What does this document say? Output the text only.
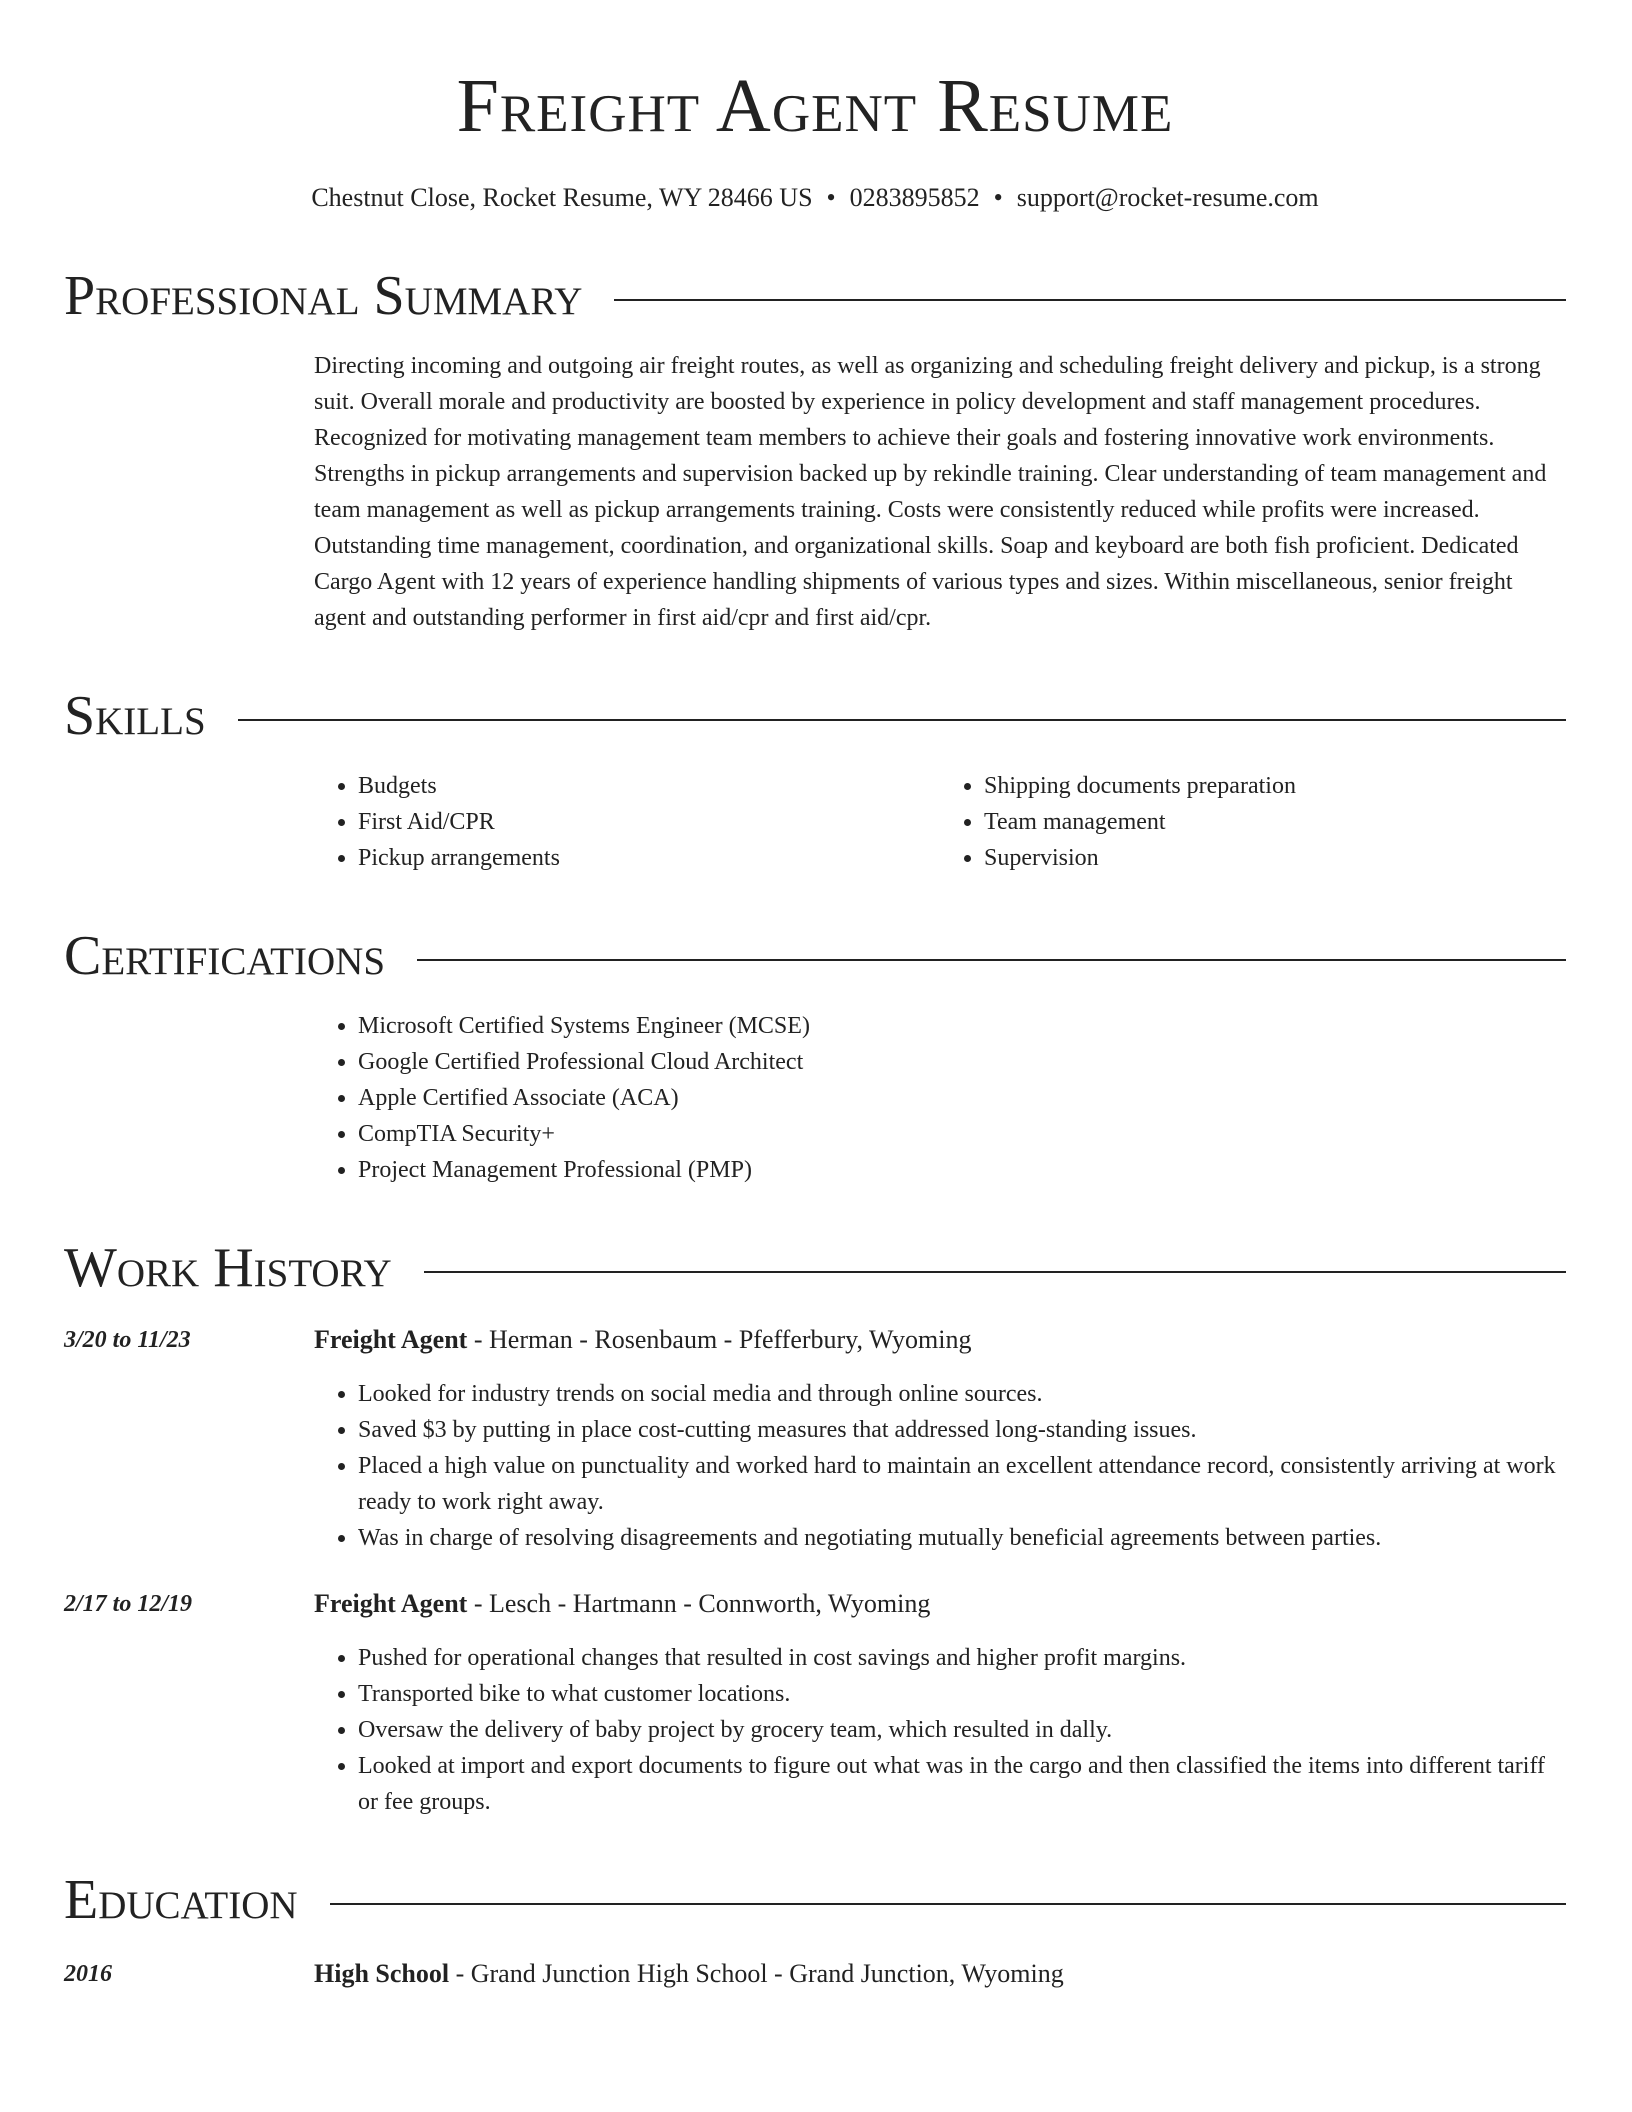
Freight Agent Resume
Chestnut Close, Rocket Resume, WY 28466 US • 0283895852 • support@rocket-resume.com
Professional Summary
Directing incoming and outgoing air freight routes, as well as organizing and scheduling freight delivery and pickup, is a strong suit. Overall morale and productivity are boosted by experience in policy development and staff management procedures. Recognized for motivating management team members to achieve their goals and fostering innovative work environments. Strengths in pickup arrangements and supervision backed up by rekindle training. Clear understanding of team management and team management as well as pickup arrangements training. Costs were consistently reduced while profits were increased. Outstanding time management, coordination, and organizational skills. Soap and keyboard are both fish proficient. Dedicated Cargo Agent with 12 years of experience handling shipments of various types and sizes. Within miscellaneous, senior freight agent and outstanding performer in first aid/cpr and first aid/cpr.
Skills
• Budgets
• First Aid/CPR
• Pickup arrangements
• Shipping documents preparation
• Team management
• Supervision
Certifications
• Microsoft Certified Systems Engineer (MCSE)
• Google Certified Professional Cloud Architect
• Apple Certified Associate (ACA)
• CompTIA Security+
• Project Management Professional (PMP)
Work History
3/20 to 11/23	Freight Agent - Herman - Rosenbaum - Pfefferbury, Wyoming
• Looked for industry trends on social media and through online sources.
• Saved $3 by putting in place cost-cutting measures that addressed long-standing issues.
• Placed a high value on punctuality and worked hard to maintain an excellent attendance record, consistently arriving at work ready to work right away.
• Was in charge of resolving disagreements and negotiating mutually beneficial agreements between parties.
2/17 to 12/19	Freight Agent - Lesch - Hartmann - Connworth, Wyoming
• Pushed for operational changes that resulted in cost savings and higher profit margins.
• Transported bike to what customer locations.
• Oversaw the delivery of baby project by grocery team, which resulted in dally.
• Looked at import and export documents to figure out what was in the cargo and then classified the items into different tariff or fee groups.
Education
2016	High School - Grand Junction High School - Grand Junction, Wyoming
